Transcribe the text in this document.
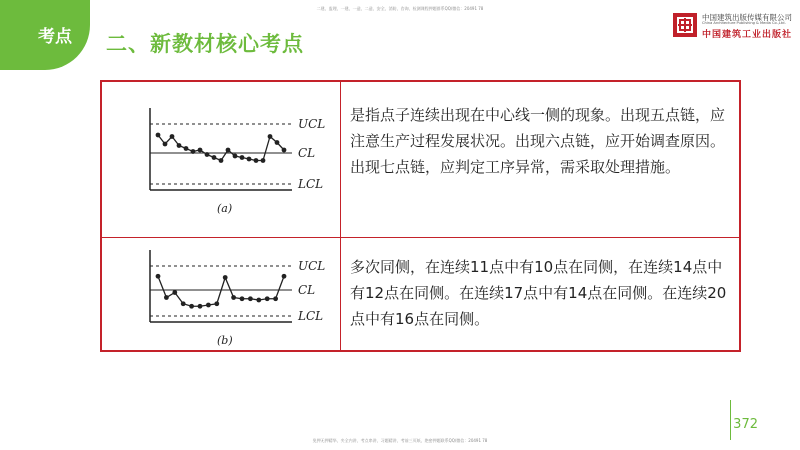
二建、监理、一建、一造、二造、安全、消防、咨询、检测课程押题群系QQ/微信：20491 78
考点 二、新教材核心考点
中国建筑出版传媒有限公司
China Architecture Publishing & Media Co.,Ltd.
中国建筑工业出版社
UCL
CL
LCL
(a)
是指点子连续出现在中心线一侧的现象。出现五点链，应注意生产过程发展状况。出现六点链，应开始调查原因。出现七点链，应判定工序异常，需采取处理措施。
UCL
CL
LCL
(b)
多次同侧，在连续11点中有10点在同侧，在连续14点中有12点在同侧。在连续17点中有14点在同侧。在连续20点中有16点在同侧。
372
免押无押精华、夹全内讲、考点串讲、习题精讲、考前三页纸、绝密押题联系QQ/微信：20491 78
